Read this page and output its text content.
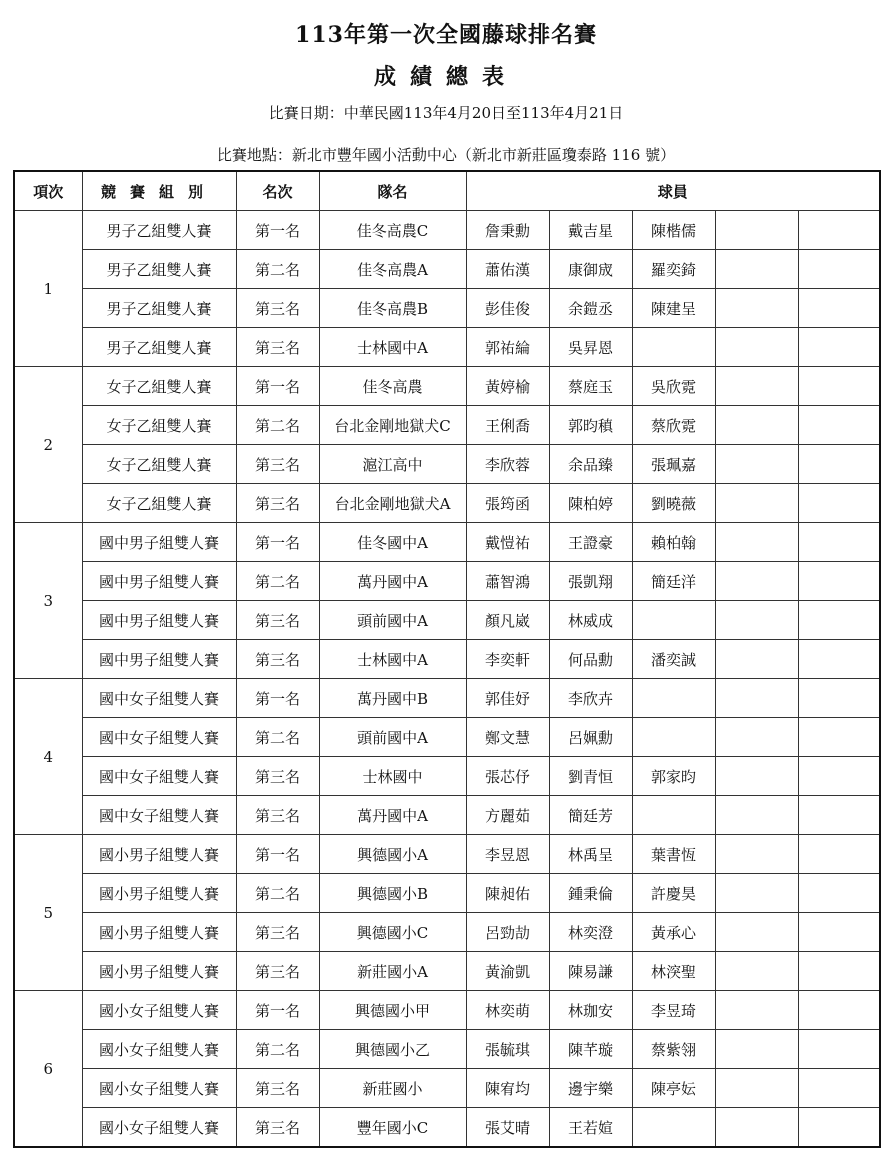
113年第一次全國藤球排名賽
成績總表
比賽日期：中華民國113年4月20日至113年4月21日
比賽地點：新北市豐年國小活動中心（新北市新莊區瓊泰路 116 號）
項次	競賽組別	名次	隊名	球員				
1	男子乙組雙人賽	第一名	佳冬高農C	詹秉勳	戴吉星	陳楷儒		
	男子乙組雙人賽	第二名	佳冬高農A	蕭佑漢	康御宬	羅奕錡		
	男子乙組雙人賽	第三名	佳冬高農B	彭佳俊	余鎧丞	陳建呈		
	男子乙組雙人賽	第三名	士林國中A	郭祐綸	吳昇恩			
2	女子乙組雙人賽	第一名	佳冬高農	黃婷榆	蔡庭玉	吳欣霓		
	女子乙組雙人賽	第二名	台北金剛地獄犬C	王俐喬	郭昀稹	蔡欣霓		
	女子乙組雙人賽	第三名	滬江高中	李欣蓉	余品臻	張珮嘉		
	女子乙組雙人賽	第三名	台北金剛地獄犬A	張筠函	陳柏婷	劉曉薇		
3	國中男子組雙人賽	第一名	佳冬國中A	戴愷祐	王證豪	賴柏翰		
	國中男子組雙人賽	第二名	萬丹國中A	蕭智鴻	張凱翔	簡廷洋		
	國中男子組雙人賽	第三名	頭前國中A	顏凡崴	林威成			
	國中男子組雙人賽	第三名	士林國中A	李奕軒	何品勳	潘奕誠		
4	國中女子組雙人賽	第一名	萬丹國中B	郭佳妤	李欣卉			
	國中女子組雙人賽	第二名	頭前國中A	鄭文慧	呂姵勳			
	國中女子組雙人賽	第三名	士林國中	張芯伃	劉青恒	郭家昀		
	國中女子組雙人賽	第三名	萬丹國中A	方麗茹	簡廷芳			
5	國小男子組雙人賽	第一名	興德國小A	李昱恩	林禹呈	葉書恆		
	國小男子組雙人賽	第二名	興德國小B	陳昶佑	鍾秉倫	許慶昊		
	國小男子組雙人賽	第三名	興德國小C	呂勁劼	林奕澄	黃承心		
	國小男子組雙人賽	第三名	新莊國小A	黃渝凱	陳易謙	林湥聖		
6	國小女子組雙人賽	第一名	興德國小甲	林奕萌	林珈安	李昱琦		
	國小女子組雙人賽	第二名	興德國小乙	張毓琪	陳芊璇	蔡紫翎		
	國小女子組雙人賽	第三名	新莊國小	陳宥均	邊宇樂	陳亭妘		
	國小女子組雙人賽	第三名	豐年國小C	張艾晴	王若媗			
